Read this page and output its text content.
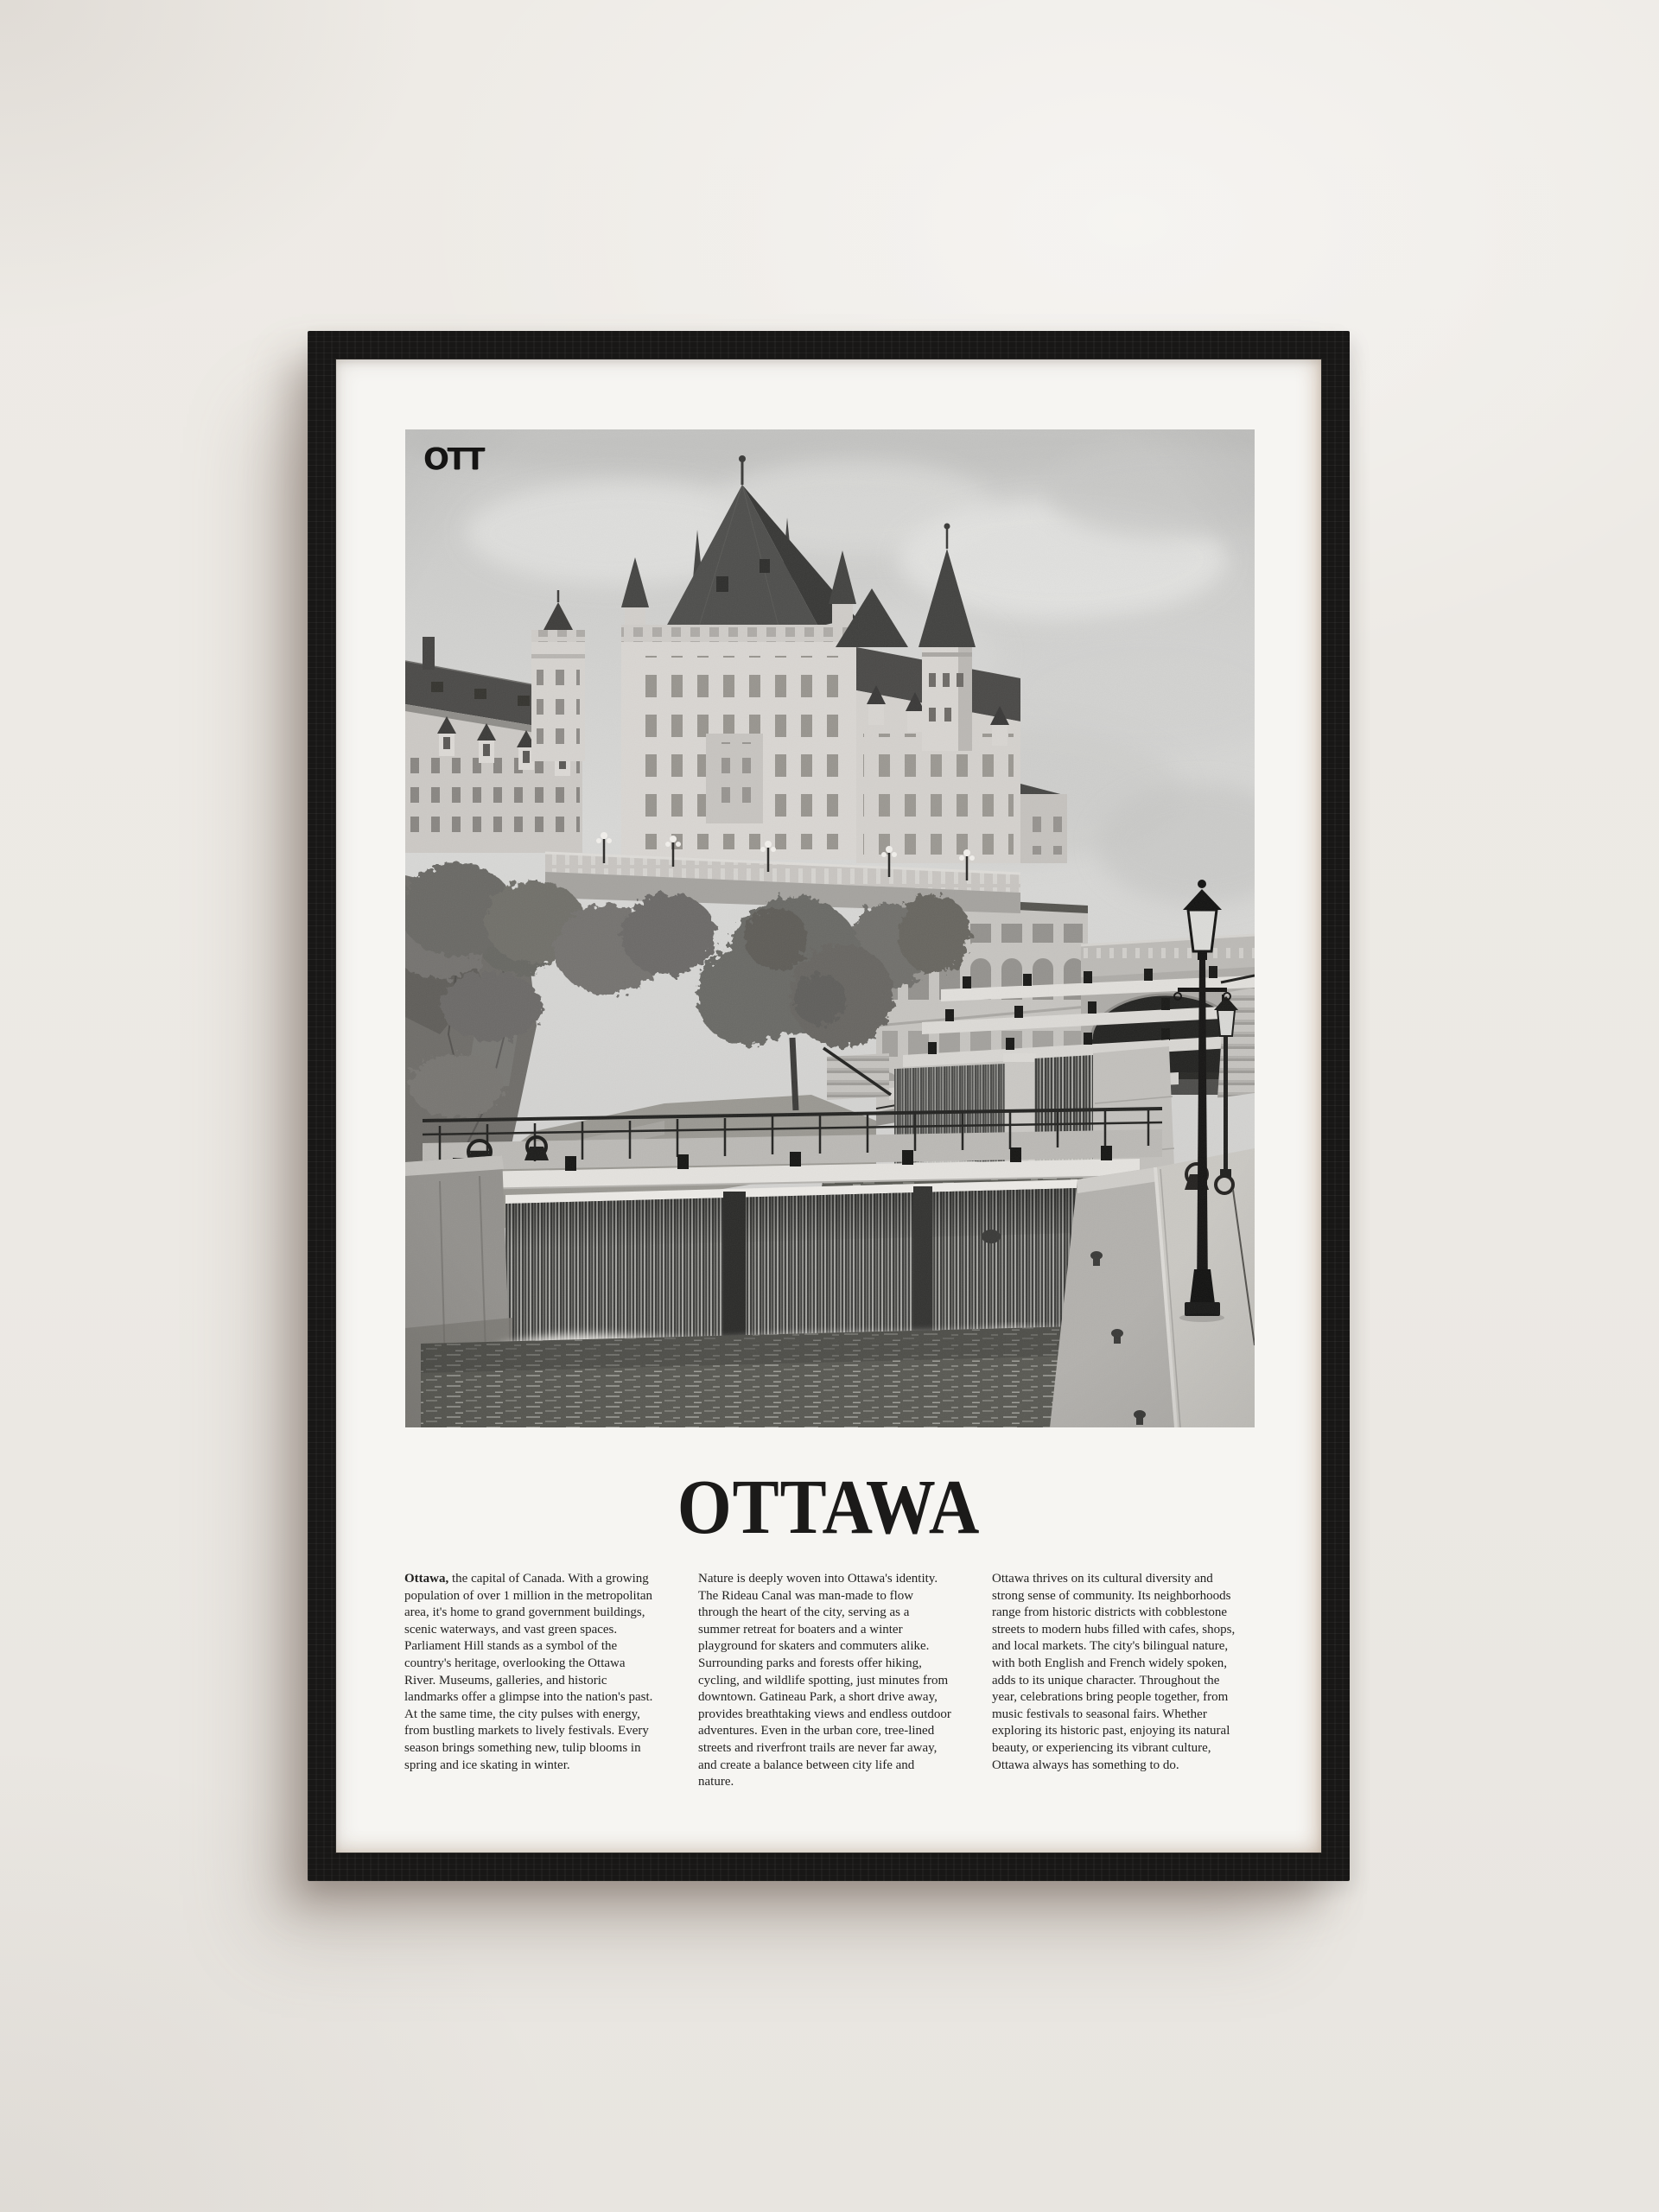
OTT
OTTAWA

Ottawa, the capital of Canada. With a growing population of over 1 million in the metropolitan area, it's home to grand government buildings, scenic waterways, and vast green spaces. Parliament Hill stands as a symbol of the country's heritage, overlooking the Ottawa River. Museums, galleries, and historic landmarks offer a glimpse into the nation's past. At the same time, the city pulses with energy, from bustling markets to lively festivals. Every season brings something new, tulip blooms in spring and ice skating in winter.

Nature is deeply woven into Ottawa's identity. The Rideau Canal was man-made to flow through the heart of the city, serving as a summer retreat for boaters and a winter playground for skaters and commuters alike. Surrounding parks and forests offer hiking, cycling, and wildlife spotting, just minutes from downtown. Gatineau Park, a short drive away, provides breathtaking views and endless outdoor adventures. Even in the urban core, tree-lined streets and riverfront trails are never far away, and create a balance between city life and nature.

Ottawa thrives on its cultural diversity and strong sense of community. Its neighborhoods range from historic districts with cobblestone streets to modern hubs filled with cafes, shops, and local markets. The city's bilingual nature, with both English and French widely spoken, adds to its unique character. Throughout the year, celebrations bring people together, from music festivals to seasonal fairs. Whether exploring its historic past, enjoying its natural beauty, or experiencing its vibrant culture, Ottawa always has something to do.
